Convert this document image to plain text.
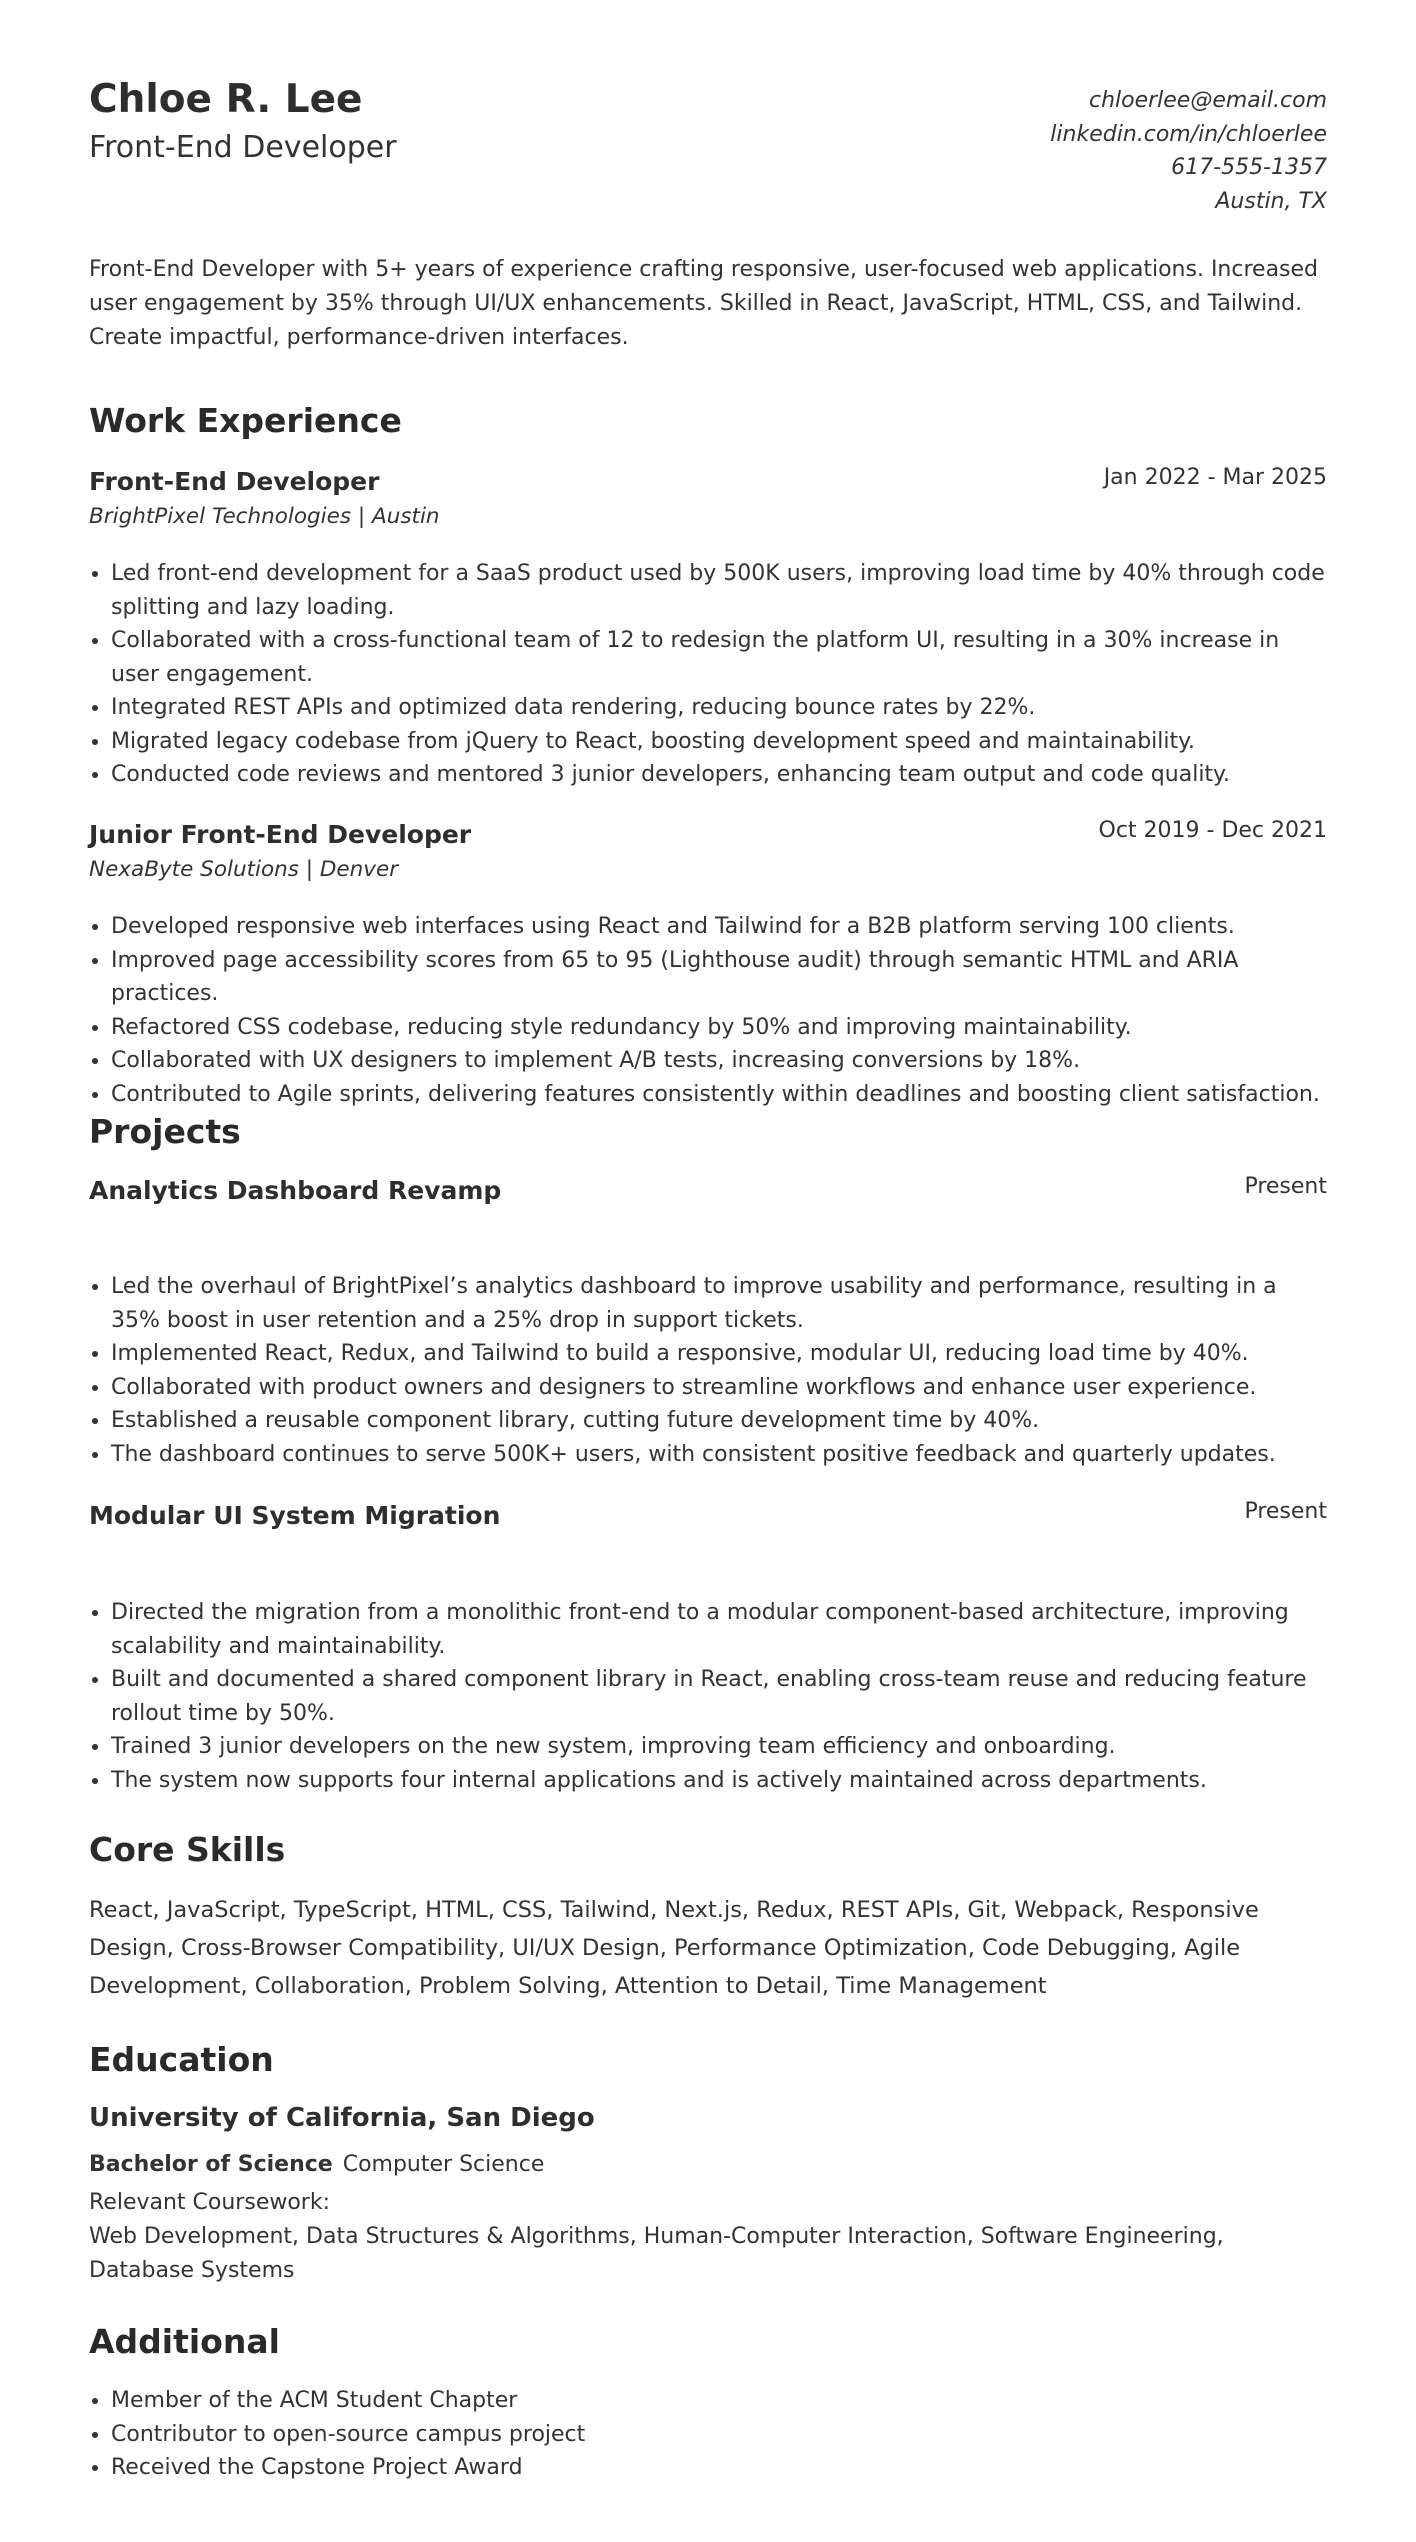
Chloe R. Lee
Front-End Developer
chloerlee@email.com
linkedin.com/in/chloerlee
617-555-1357
Austin, TX
Front-End Developer with 5+ years of experience crafting responsive, user-focused web applications. Increased user engagement by 35% through UI/UX enhancements. Skilled in React, JavaScript, HTML, CSS, and Tailwind. Create impactful, performance-driven interfaces.
Work Experience
Front-End Developer	Jan 2022 - Mar 2025
BrightPixel Technologies | Austin
• Led front-end development for a SaaS product used by 500K users, improving load time by 40% through code splitting and lazy loading.
• Collaborated with a cross-functional team of 12 to redesign the platform UI, resulting in a 30% increase in user engagement.
• Integrated REST APIs and optimized data rendering, reducing bounce rates by 22%.
• Migrated legacy codebase from jQuery to React, boosting development speed and maintainability.
• Conducted code reviews and mentored 3 junior developers, enhancing team output and code quality.
Junior Front-End Developer	Oct 2019 - Dec 2021
NexaByte Solutions | Denver
• Developed responsive web interfaces using React and Tailwind for a B2B platform serving 100 clients.
• Improved page accessibility scores from 65 to 95 (Lighthouse audit) through semantic HTML and ARIA practices.
• Refactored CSS codebase, reducing style redundancy by 50% and improving maintainability.
• Collaborated with UX designers to implement A/B tests, increasing conversions by 18%.
• Contributed to Agile sprints, delivering features consistently within deadlines and boosting client satisfaction.
Projects
Analytics Dashboard Revamp	Present
• Led the overhaul of BrightPixel’s analytics dashboard to improve usability and performance, resulting in a 35% boost in user retention and a 25% drop in support tickets.
• Implemented React, Redux, and Tailwind to build a responsive, modular UI, reducing load time by 40%.
• Collaborated with product owners and designers to streamline workflows and enhance user experience.
• Established a reusable component library, cutting future development time by 40%.
• The dashboard continues to serve 500K+ users, with consistent positive feedback and quarterly updates.
Modular UI System Migration	Present
• Directed the migration from a monolithic front-end to a modular component-based architecture, improving scalability and maintainability.
• Built and documented a shared component library in React, enabling cross-team reuse and reducing feature rollout time by 50%.
• Trained 3 junior developers on the new system, improving team efficiency and onboarding.
• The system now supports four internal applications and is actively maintained across departments.
Core Skills
React, JavaScript, TypeScript, HTML, CSS, Tailwind, Next.js, Redux, REST APIs, Git, Webpack, Responsive Design, Cross-Browser Compatibility, UI/UX Design, Performance Optimization, Code Debugging, Agile Development, Collaboration, Problem Solving, Attention to Detail, Time Management
Education
University of California, San Diego
Bachelor of Science Computer Science
Relevant Coursework:
Web Development, Data Structures & Algorithms, Human-Computer Interaction, Software Engineering, Database Systems
Additional
• Member of the ACM Student Chapter
• Contributor to open-source campus project
• Received the Capstone Project Award
